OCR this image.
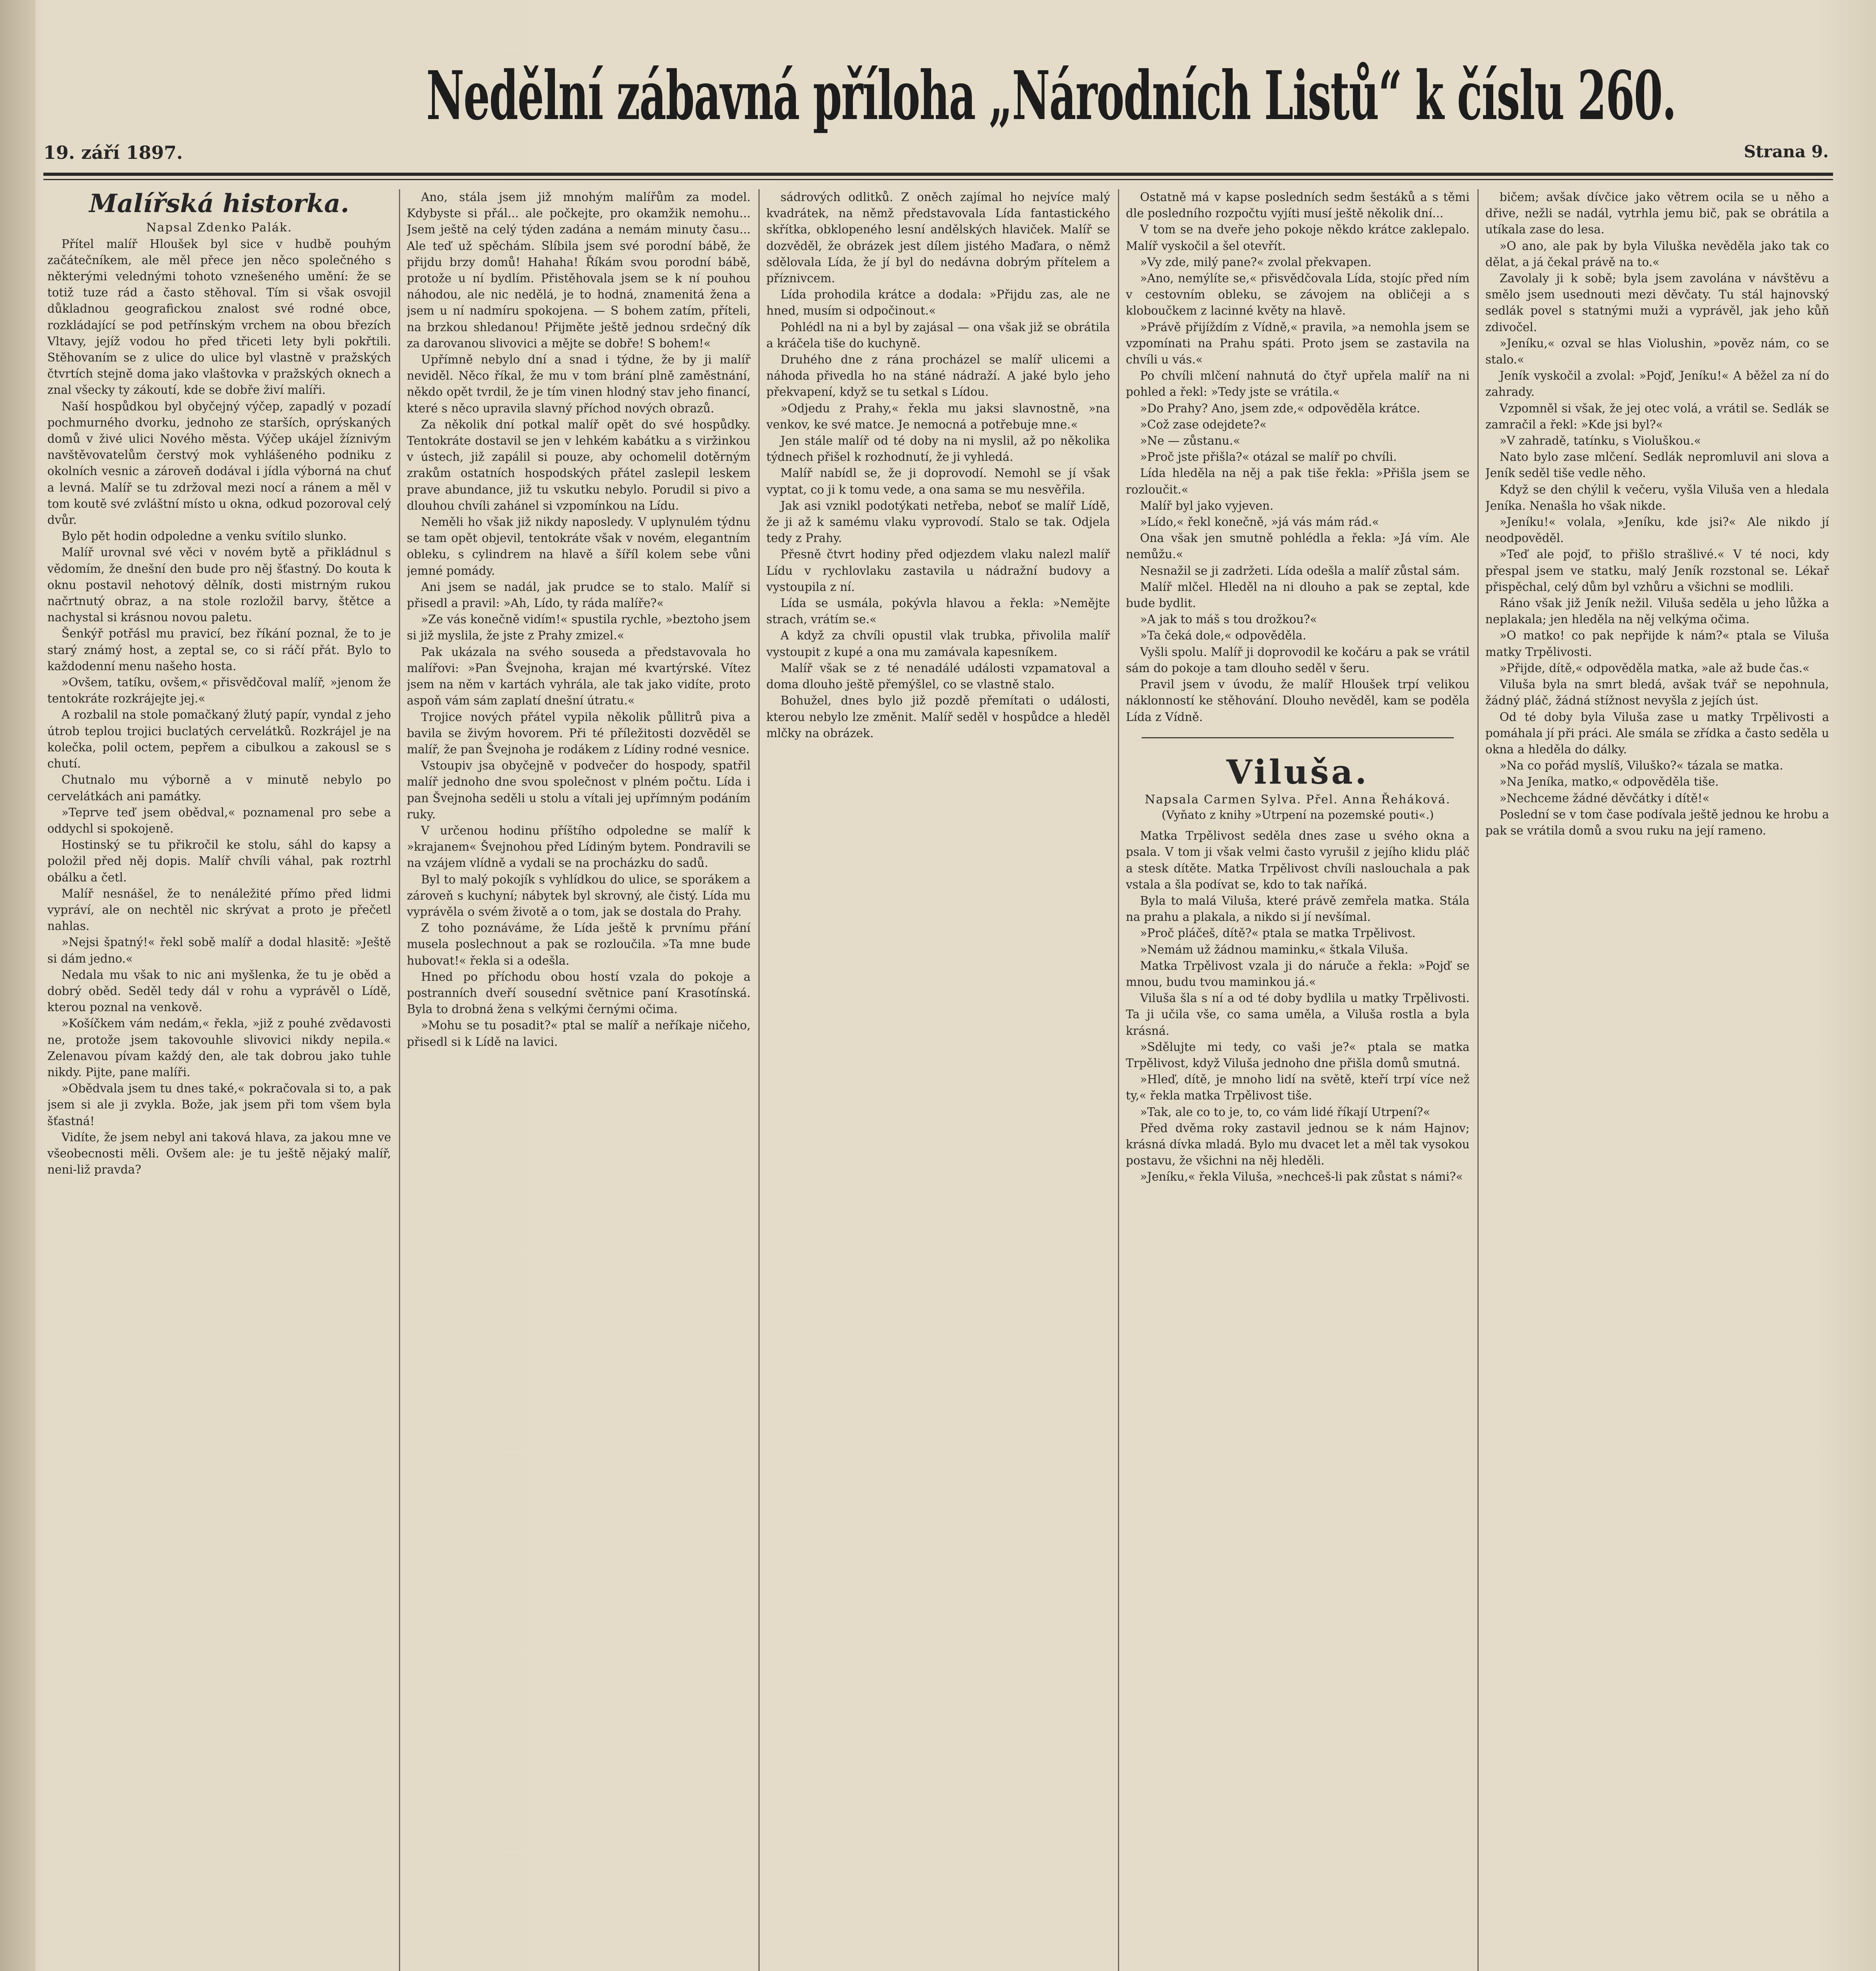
Nedělní zábavná příloha „Národních Listů“ k číslu 260.
19. září 1897.	Strana 9.
Malířská historka.
Napsal Zdenko Palák.

Přítel malíř Hloušek byl sice v hudbě pouhým začátečníkem, ale měl přece jen něco společného s některými velednými tohoto vznešeného umění: že se totiž tuze rád a často stěhoval. Tím si však osvojil důkladnou geografickou znalost své rodné obce, rozkládající se pod petřínským vrchem na obou březích Vltavy, jejíž vodou ho před třiceti lety byli pokřtili. Stěhovaním se z ulice do ulice byl vlastně v pražských čtvrtích stejně doma jako vlaštovka v pražských oknech a znal všecky ty zákoutí, kde se dobře živí malíři.

Naší hospůdkou byl obyčejný výčep, zapadlý v pozadí pochmurného dvorku, jednoho ze starších, oprýskaných domů v živé ulici Nového města. Výčep ukájel žíznivým navštěvovatelům čerstvý mok vyhlášeného podniku z okolních vesnic a zároveň dodával i jídla výborná na chuť a levná. Malíř se tu zdržoval mezi nocí a ránem a měl v tom koutě své zvláštní místo u okna, odkud pozoroval celý dvůr.

Bylo pět hodin odpoledne a venku svítilo slunko.

Malíř urovnal své věci v novém bytě a přikládnul s vědomím, že dnešní den bude pro něj šťastný. Do kouta k oknu postavil nehotový dělník, dosti mistrným rukou načrtnutý obraz, a na stole rozložil barvy, štětce a nachystal si krásnou novou paletu.

Šenkýř potřásl mu pravicí, bez říkání poznal, že to je starý známý host, a zeptal se, co si ráčí přát. Bylo to každodenní menu našeho hosta.

»Ovšem, tatíku, ovšem,« přisvědčoval malíř, »jenom že tentokráte rozkrájejte jej.«

A rozbalil na stole pomačkaný žlutý papír, vyndal z jeho útrob teplou trojici buclatých cervelátků. Rozkrájel je na kolečka, polil octem, pepřem a cibulkou a zakousl se s chutí.

Chutnalo mu výborně a v minutě nebylo po cervelátkách ani památky.

»Teprve teď jsem obědval,« poznamenal pro sebe a oddychl si spokojeně.

Hostinský se tu přikročil ke stolu, sáhl do kapsy a položil před něj dopis. Malíř chvíli váhal, pak roztrhl obálku a četl.

Malíř nesnášel, že to nenáležité přímo před lidmi vypráví, ale on nechtěl nic skrývat a proto je přečetl nahlas.

»Nejsi špatný!« řekl sobě malíř a dodal hlasitě: »Ještě si dám jedno.«

Nedala mu však to nic ani myšlenka, že tu je oběd a dobrý oběd. Seděl tedy dál v rohu a vyprávěl o Lídě, kterou poznal na venkově.

»Košíčkem vám nedám,« řekla, »již z pouhé zvědavosti ne, protože jsem takovouhle slivovici nikdy nepila.« Zelenavou pívam každý den, ale tak dobrou jako tuhle nikdy. Pijte, pane malíři.

»Obědvala jsem tu dnes také,« pokračovala si to, a pak jsem si ale ji zvykla. Bože, jak jsem při tom všem byla šťastná!

Vidíte, že jsem nebyl ani taková hlava, za jakou mne ve všeobecnosti měli. Ovšem ale: je tu ještě nějaký malíř, neni-liž pravda?

Ano, stála jsem již mnohým malířům za model. Kdybyste si přál... ale počkejte, pro okamžik nemohu... Jsem ještě na celý týden zadána a nemám minuty času... Ale teď už spěchám. Slíbila jsem své porodní bábě, že přijdu brzy domů! Hahaha! Říkám svou porodní bábě, protože u ní bydlím. Přistěhovala jsem se k ní pouhou náhodou, ale nic nedělá, je to hodná, znamenitá žena a jsem u ní nadmíru spokojena. — S bohem zatím, příteli, na brzkou shledanou! Přijměte ještě jednou srdečný dík za darovanou slivovici a mějte se dobře! S bohem!«

Upřímně nebylo dní a snad i týdne, že by ji malíř neviděl. Něco říkal, že mu v tom brání plně zaměstnání, někdo opět tvrdil, že je tím vinen hlodný stav jeho financí, které s něco upravila slavný příchod nových obrazů.

Za několik dní potkal malíř opět do své hospůdky. Tentokráte dostavil se jen v lehkém kabátku a s viržinkou v ústech, již zapálil si pouze, aby ochomelil dotěrným zrakům ostatních hospodských přátel zaslepil leskem prave abundance, již tu vskutku nebylo. Porudil si pivo a dlouhou chvíli zahánel si vzpomínkou na Lídu.

Neměli ho však již nikdy naposledy. V uplynulém týdnu se tam opět objevil, tentokráte však v novém, elegantním obleku, s cylindrem na hlavě a šíříl kolem sebe vůni jemné pomády.

Ani jsem se nadál, jak prudce se to stalo. Malíř si přisedl a pravil: »Ah, Lído, ty ráda malíře?«

»Ze vás konečně vidím!« spustila rychle, »beztoho jsem si již myslila, že jste z Prahy zmizel.«

Pak ukázala na svého souseda a představovala ho malířovi: »Pan Švejnoha, krajan mé kvartýrské. Vítez jsem na něm v kartách vyhrála, ale tak jako vidíte, proto aspoň vám sám zaplatí dnešní útratu.«

Trojice nových přátel vypila několik půllitrů piva a bavila se živým hovorem. Při té příležitosti dozvěděl se malíř, že pan Švejnoha je rodákem z Lídiny rodné vesnice.

Vstoupiv jsa obyčejně v podvečer do hospody, spatřil malíř jednoho dne svou společnost v plném počtu. Lída i pan Švejnoha seděli u stolu a vítali jej upřímným podáním ruky.

V určenou hodinu příštího odpoledne se malíř k »krajanem« Švejnohou před Lídiným bytem. Pondravili se na vzájem vlídně a vydali se na procházku do sadů.

Byl to malý pokojík s vyhlídkou do ulice, se sporákem a zároveň s kuchyní; nábytek byl skrovný, ale čistý. Lída mu vyprávěla o svém životě a o tom, jak se dostala do Prahy.

Z toho poznáváme, že Lída ještě k prvnímu přání musela poslechnout a pak se rozloučila. »Ta mne bude hubovat!« řekla si a odešla.

Hned po příchodu obou hostí vzala do pokoje a postranních dveří sousední světnice paní Krasotínská. Byla to drobná žena s velkými černými očima.

»Mohu se tu posadit?« ptal se malíř a neříkaje ničeho, přisedl si k Lídě na lavici.

sádrových odlitků. Z oněch zajímal ho nejvíce malý kvadrátek, na němž představovala Lída fantastického skřítka, obklopeného lesní andělských hlaviček. Malíř se dozvěděl, že obrázek jest dílem jistého Maďara, o němž sdělovala Lída, že jí byl do nedávna dobrým přítelem a příznivcem.

Lída prohodila krátce a dodala: »Přijdu zas, ale ne hned, musím si odpočinout.«

Pohlédl na ni a byl by zajásal — ona však již se obrátila a kráčela tiše do kuchyně.

Druhého dne z rána procházel se malíř ulicemi a náhoda přivedla ho na stáné nádraží. A jaké bylo jeho překvapení, když se tu setkal s Lídou.

»Odjedu z Prahy,« řekla mu jaksi slavnostně, »na venkov, ke své matce. Je nemocná a potřebuje mne.«

Jen stále malíř od té doby na ni myslil, až po několika týdnech přišel k rozhodnutí, že ji vyhledá.

Malíř nabídl se, že ji doprovodí. Nemohl se jí však vyptat, co ji k tomu vede, a ona sama se mu nesvěřila.

Jak asi vznikl podotýkati netřeba, neboť se malíř Lídě, že ji až k samému vlaku vyprovodí. Stalo se tak. Odjela tedy z Prahy.

Přesně čtvrt hodiny před odjezdem vlaku nalezl malíř Lídu v rychlovlaku zastavila u nádražní budovy a vystoupila z ní.

Lída se usmála, pokývla hlavou a řekla: »Nemějte strach, vrátím se.«

A když za chvíli opustil vlak trubka, přivolila malíř vystoupit z kupé a ona mu zamávala kapesníkem.

Malíř však se z té nenadálé události vzpamatoval a doma dlouho ještě přemýšlel, co se vlastně stalo.

Bohužel, dnes bylo již pozdě přemítati o události, kterou nebylo lze změnit. Malíř seděl v hospůdce a hleděl mlčky na obrázek.

Ostatně má v kapse posledních sedm šestáků a s těmi dle posledního rozpočtu vyjíti musí ještě několik dní...

V tom se na dveře jeho pokoje někdo krátce zaklepalo. Malíř vyskočil a šel otevřít.

»Vy zde, milý pane?« zvolal překvapen.

»Ano, nemýlíte se,« přisvědčovala Lída, stojíc před ním v cestovním obleku, se závojem na obličeji a s kloboučkem z lacinné květy na hlavě.

»Právě přijíždím z Vídně,« pravila, »a nemohla jsem se vzpomínati na Prahu spáti. Proto jsem se zastavila na chvíli u vás.«

Po chvíli mlčení nahnutá do čtyř upřela malíř na ni pohled a řekl: »Tedy jste se vrátila.«

»Do Prahy? Ano, jsem zde,« odpověděla krátce.

»Což zase odejdete?«

»Ne — zůstanu.«

»Proč jste přišla?« otázal se malíř po chvíli.

Lída hleděla na něj a pak tiše řekla: »Přišla jsem se rozloučit.«

Malíř byl jako vyjeven.

»Lído,« řekl konečně, »já vás mám rád.«

Ona však jen smutně pohlédla a řekla: »Já vím. Ale nemůžu.«

Nesnažil se ji zadržeti. Lída odešla a malíř zůstal sám.

Malíř mlčel. Hleděl na ni dlouho a pak se zeptal, kde bude bydlit.

»A jak to máš s tou drožkou?«

»Ta čeká dole,« odpověděla.

Vyšli spolu. Malíř ji doprovodil ke kočáru a pak se vrátil sám do pokoje a tam dlouho seděl v šeru.

Pravil jsem v úvodu, že malíř Hloušek trpí velikou náklonností ke stěhování. Dlouho nevěděl, kam se poděla Lída z Vídně.

Viluša.
Napsala Carmen Sylva. Přel. Anna Řeháková.
(Vyňato z knihy »Utrpení na pozemské pouti«.)

Matka Trpělivost seděla dnes zase u svého okna a psala. V tom ji však velmi často vyrušil z jejího klidu pláč a stesk dítěte. Matka Trpělivost chvíli naslouchala a pak vstala a šla podívat se, kdo to tak naříká.

Byla to malá Viluša, které právě zemřela matka. Stála na prahu a plakala, a nikdo si jí nevšímal.

»Proč pláčeš, dítě?« ptala se matka Trpělivost.

»Nemám už žádnou maminku,« štkala Viluša.

Matka Trpělivost vzala ji do náruče a řekla: »Pojď se mnou, budu tvou maminkou já.«

Viluša šla s ní a od té doby bydlila u matky Trpělivosti. Ta ji učila vše, co sama uměla, a Viluša rostla a byla krásná.

»Sdělujte mi tedy, co vaši je?« ptala se matka Trpělivost, když Viluša jednoho dne přišla domů smutná.

»Hleď, dítě, je mnoho lidí na světě, kteří trpí více než ty,« řekla matka Trpělivost tiše.

»Tak, ale co to je, to, co vám lidé říkají Utrpení?«

Před dvěma roky zastavil jednou se k nám Hajnov; krásná dívka mladá. Bylo mu dvacet let a měl tak vysokou postavu, že všichni na něj hleděli.

»Jeníku,« řekla Viluša, »nechceš-li pak zůstat s námi?«

bičem; avšak dívčice jako větrem ocila se u něho a dřive, nežli se nadál, vytrhla jemu bič, pak se obrátila a utíkala zase do lesa.

»O ano, ale pak by byla Viluška nevěděla jako tak co dělat, a já čekal právě na to.«

Zavolaly ji k sobě; byla jsem zavolána v návštěvu a smělo jsem usednouti mezi děvčaty. Tu stál hajnovský sedlák povel s statnými muži a vyprávěl, jak jeho kůň zdivočel.

»Jeníku,« ozval se hlas Violushin, »pověz nám, co se stalo.«

Jeník vyskočil a zvolal: »Pojď, Jeníku!« A běžel za ní do zahrady.

Vzpomněl si však, že jej otec volá, a vrátil se. Sedlák se zamračil a řekl: »Kde jsi byl?«

»V zahradě, tatínku, s Violuškou.«

Nato bylo zase mlčení. Sedlák nepromluvil ani slova a Jeník seděl tiše vedle něho.

Když se den chýlil k večeru, vyšla Viluša ven a hledala Jeníka. Nenašla ho však nikde.

»Jeníku!« volala, »Jeníku, kde jsi?« Ale nikdo jí neodpověděl.

»Teď ale pojď, to přišlo strašlivé.« V té noci, kdy přespal jsem ve statku, malý Jeník rozstonal se. Lékař přispěchal, celý dům byl vzhůru a všichni se modlili.

Ráno však již Jeník nežil. Viluša seděla u jeho lůžka a neplakala; jen hleděla na něj velkýma očima.

»O matko! co pak nepřijde k nám?« ptala se Viluša matky Trpělivosti.

»Přijde, dítě,« odpověděla matka, »ale až bude čas.«

Viluša byla na smrt bledá, avšak tvář se nepohnula, žádný pláč, žádná stížnost nevyšla z jejích úst.

Od té doby byla Viluša zase u matky Trpělivosti a pomáhala jí při práci. Ale smála se zřídka a často seděla u okna a hleděla do dálky.

»Na co pořád myslíš, Viluško?« tázala se matka.

»Na Jeníka, matko,« odpověděla tiše.

»Nechceme žádné děvčátky i dítě!«

Poslední se v tom čase podívala ještě jednou ke hrobu a pak se vrátila domů a svou ruku na její rameno.
